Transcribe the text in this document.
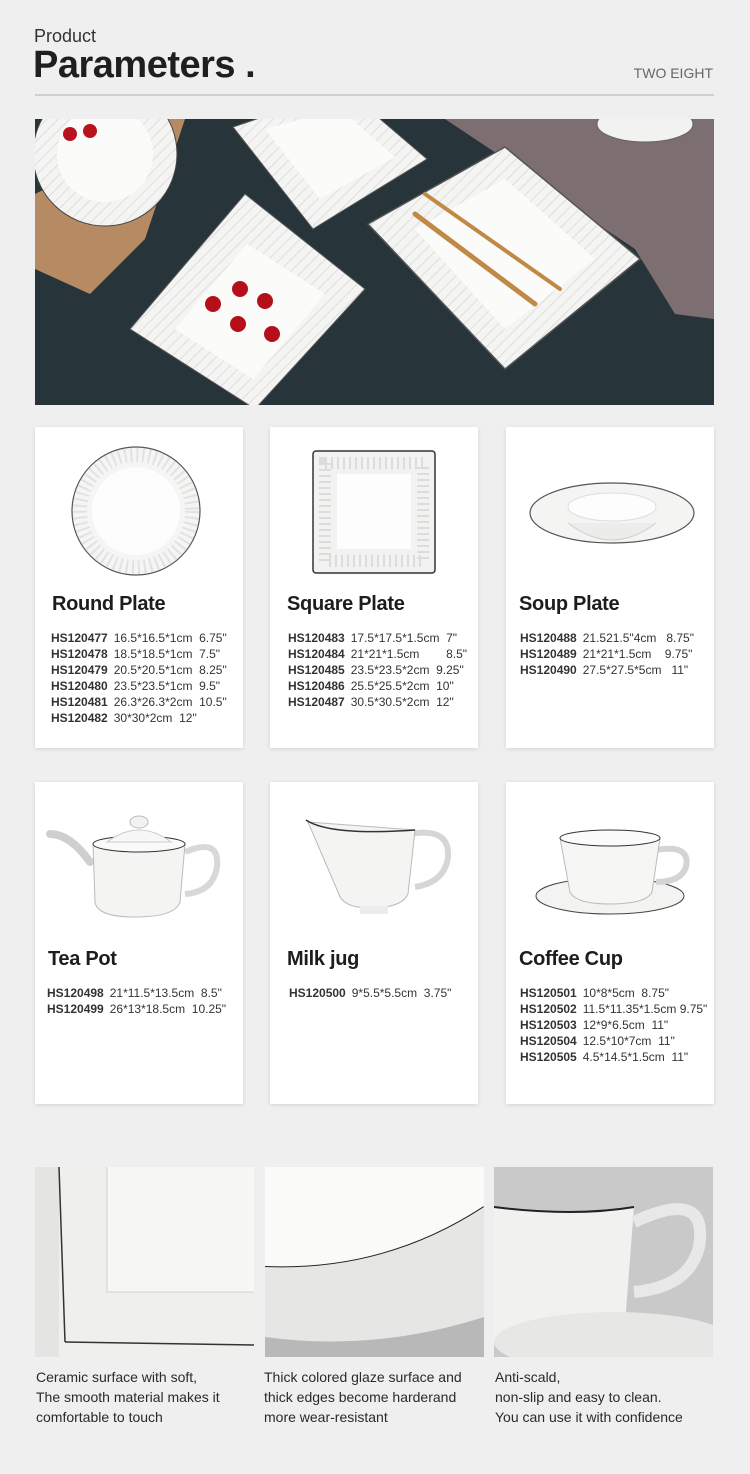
Product
Parameters .	TWO EIGHT
Round Plate
HS120477 16.5*16.5*1cm 6.75"
HS120478 18.5*18.5*1cm 7.5"
HS120479 20.5*20.5*1cm 8.25"
HS120480 23.5*23.5*1cm 9.5"
HS120481 26.3*26.3*2cm 10.5"
HS120482 30*30*2cm 12"
Square Plate
HS120483 17.5*17.5*1.5cm 7"
HS120484 21*21*1.5cm 8.5"
HS120485 23.5*23.5*2cm 9.25"
HS120486 25.5*25.5*2cm 10"
HS120487 30.5*30.5*2cm 12"
Soup Plate
HS120488 21.521.5"4cm 8.75"
HS120489 21*21*1.5cm 9.75"
HS120490 27.5*27.5*5cm 11"
Tea Pot
HS120498 21*11.5*13.5cm 8.5"
HS120499 26*13*18.5cm 10.25"
Milk jug
HS120500 9*5.5*5.5cm 3.75"
Coffee Cup
HS120501 10*8*5cm 8.75"
HS120502 11.5*11.35*1.5cm 9.75"
HS120503 12*9*6.5cm 11"
HS120504 12.5*10*7cm 11"
HS120505 4.5*14.5*1.5cm 11"
Ceramic surface with soft,
The smooth material makes it
comfortable to touch
Thick colored glaze surface and
thick edges become harderand
more wear-resistant
Anti-scald,
non-slip and easy to clean.
You can use it with confidence
